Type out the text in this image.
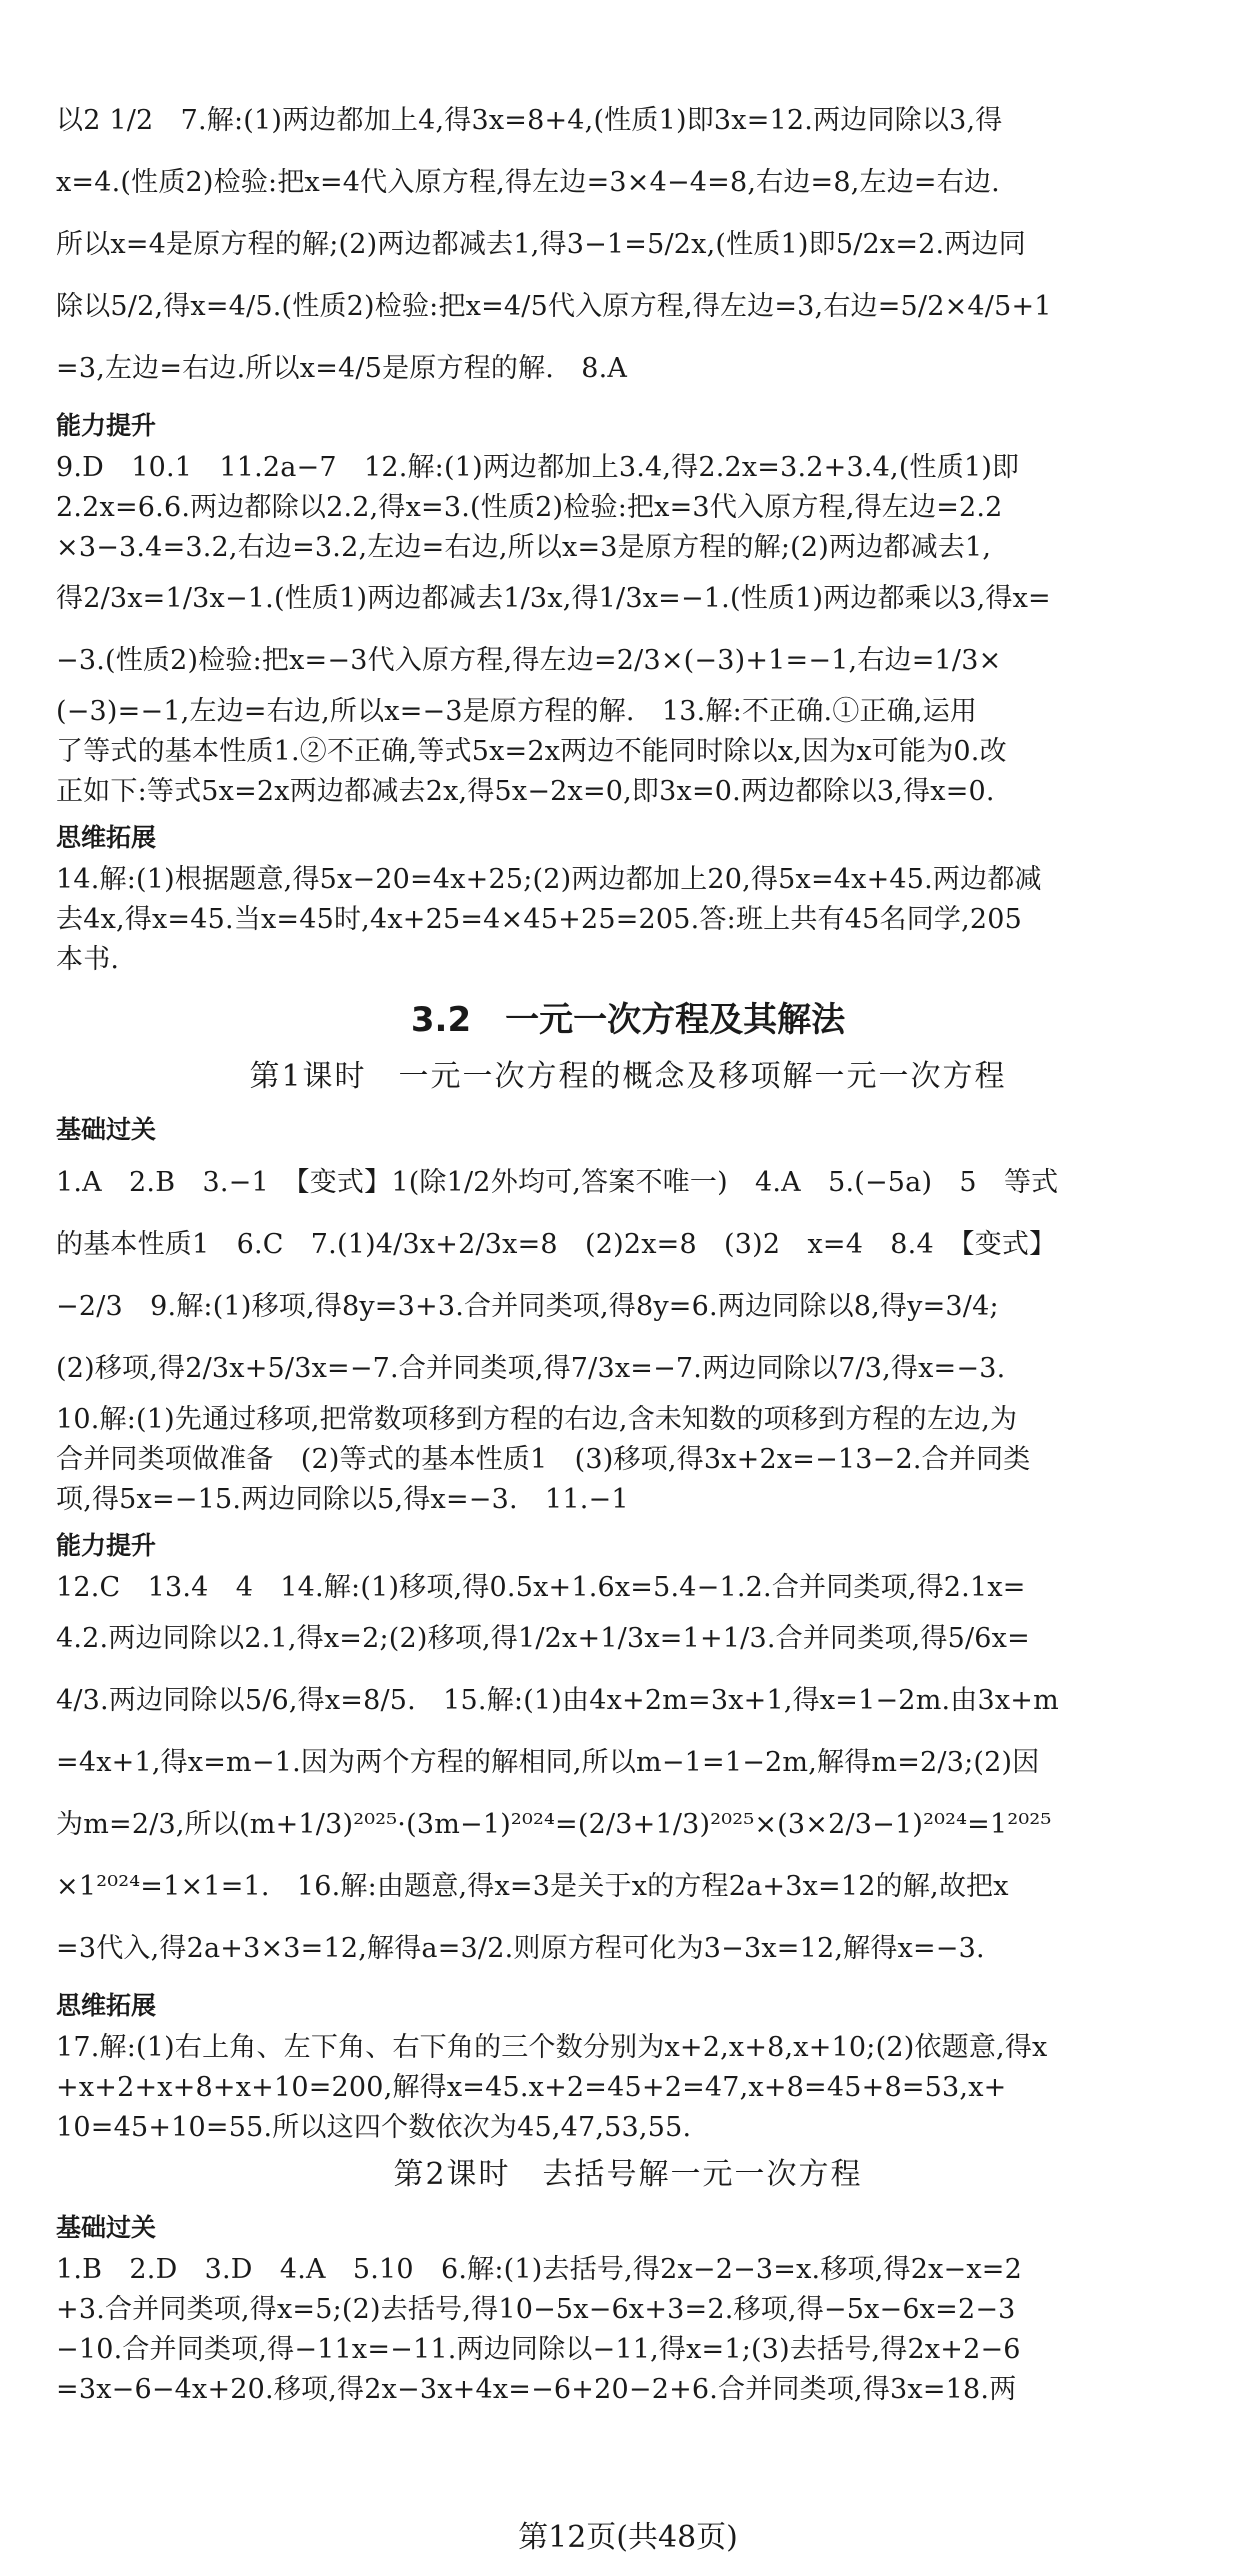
以2 1/2　7.解:(1)两边都加上4,得3x=8+4,(性质1)即3x=12.两边同除以3,得
x=4.(性质2)检验:把x=4代入原方程,得左边=3×4−4=8,右边=8,左边=右边.
所以x=4是原方程的解;(2)两边都减去1,得3−1=5/2x,(性质1)即5/2x=2.两边同
除以5/2,得x=4/5.(性质2)检验:把x=4/5代入原方程,得左边=3,右边=5/2×4/5+1
=3,左边=右边.所以x=4/5是原方程的解.　8.A
能力提升
9.D　10.1　11.2a−7　12.解:(1)两边都加上3.4,得2.2x=3.2+3.4,(性质1)即
2.2x=6.6.两边都除以2.2,得x=3.(性质2)检验:把x=3代入原方程,得左边=2.2
×3−3.4=3.2,右边=3.2,左边=右边,所以x=3是原方程的解;(2)两边都减去1,
得2/3x=1/3x−1.(性质1)两边都减去1/3x,得1/3x=−1.(性质1)两边都乘以3,得x=
−3.(性质2)检验:把x=−3代入原方程,得左边=2/3×(−3)+1=−1,右边=1/3×
(−3)=−1,左边=右边,所以x=−3是原方程的解.　13.解:不正确.①正确,运用
了等式的基本性质1.②不正确,等式5x=2x两边不能同时除以x,因为x可能为0.改
正如下:等式5x=2x两边都减去2x,得5x−2x=0,即3x=0.两边都除以3,得x=0.
思维拓展
14.解:(1)根据题意,得5x−20=4x+25;(2)两边都加上20,得5x=4x+45.两边都减
去4x,得x=45.当x=45时,4x+25=4×45+25=205.答:班上共有45名同学,205
本书.
3.2　一元一次方程及其解法
第1课时　一元一次方程的概念及移项解一元一次方程
基础过关
1.A　2.B　3.−1　【变式】1(除1/2外均可,答案不唯一)　4.A　5.(−5a)　5　等式
的基本性质1　6.C　7.(1)4/3x+2/3x=8　(2)2x=8　(3)2　x=4　8.4　【变式】
−2/3　9.解:(1)移项,得8y=3+3.合并同类项,得8y=6.两边同除以8,得y=3/4;
(2)移项,得2/3x+5/3x=−7.合并同类项,得7/3x=−7.两边同除以7/3,得x=−3.
10.解:(1)先通过移项,把常数项移到方程的右边,含未知数的项移到方程的左边,为
合并同类项做准备　(2)等式的基本性质1　(3)移项,得3x+2x=−13−2.合并同类
项,得5x=−15.两边同除以5,得x=−3.　11.−1
能力提升
12.C　13.4　4　14.解:(1)移项,得0.5x+1.6x=5.4−1.2.合并同类项,得2.1x=
4.2.两边同除以2.1,得x=2;(2)移项,得1/2x+1/3x=1+1/3.合并同类项,得5/6x=
4/3.两边同除以5/6,得x=8/5.　15.解:(1)由4x+2m=3x+1,得x=1−2m.由3x+m
=4x+1,得x=m−1.因为两个方程的解相同,所以m−1=1−2m,解得m=2/3;(2)因
为m=2/3,所以(m+1/3)²⁰²⁵·(3m−1)²⁰²⁴=(2/3+1/3)²⁰²⁵×(3×2/3−1)²⁰²⁴=1²⁰²⁵
×1²⁰²⁴=1×1=1.　16.解:由题意,得x=3是关于x的方程2a+3x=12的解,故把x
=3代入,得2a+3×3=12,解得a=3/2.则原方程可化为3−3x=12,解得x=−3.
思维拓展
17.解:(1)右上角、左下角、右下角的三个数分别为x+2,x+8,x+10;(2)依题意,得x
+x+2+x+8+x+10=200,解得x=45.x+2=45+2=47,x+8=45+8=53,x+
10=45+10=55.所以这四个数依次为45,47,53,55.
第2课时　去括号解一元一次方程
基础过关
1.B　2.D　3.D　4.A　5.10　6.解:(1)去括号,得2x−2−3=x.移项,得2x−x=2
+3.合并同类项,得x=5;(2)去括号,得10−5x−6x+3=2.移项,得−5x−6x=2−3
−10.合并同类项,得−11x=−11.两边同除以−11,得x=1;(3)去括号,得2x+2−6
=3x−6−4x+20.移项,得2x−3x+4x=−6+20−2+6.合并同类项,得3x=18.两
第12页(共48页)
